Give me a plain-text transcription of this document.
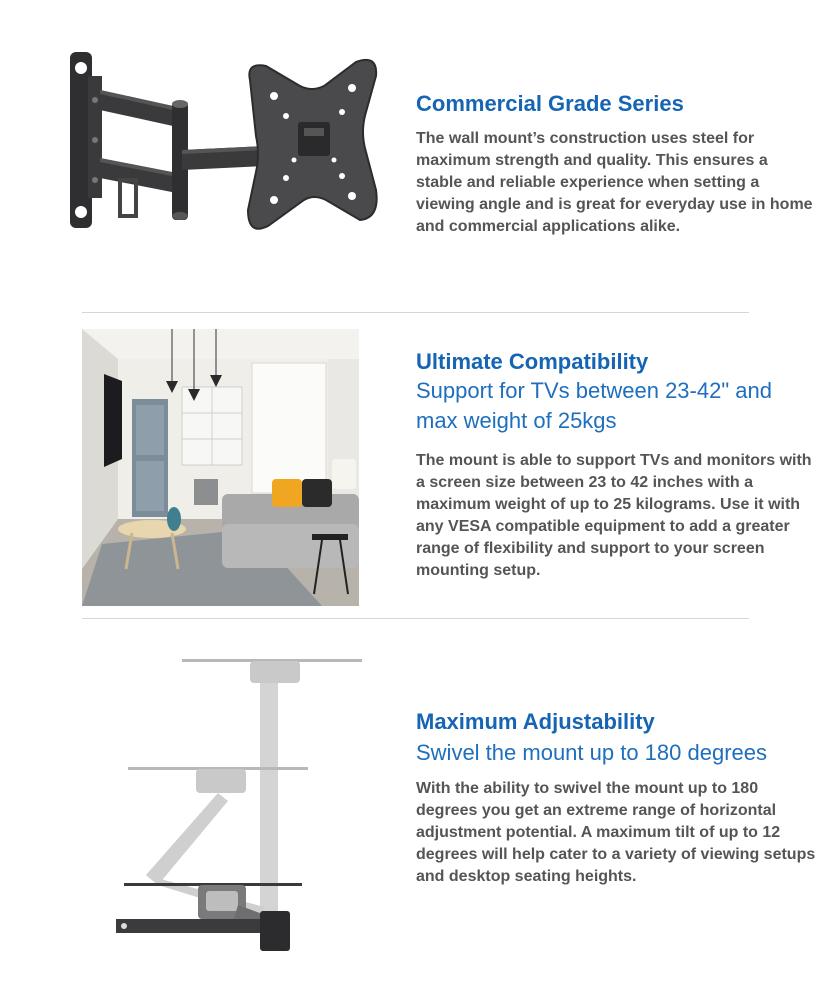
Commercial Grade Series

The wall mount’s construction uses steel for maximum strength and quality. This ensures a stable and reliable experience when setting a viewing angle and is great for everyday use in home and commercial applications alike.

Ultimate Compatibility

Support for TVs between 23-42" and max weight of 25kgs

The mount is able to support TVs and monitors with a screen size between 23 to 42 inches with a maximum weight of up to 25 kilograms. Use it with any VESA compatible equipment to add a greater range of flexibility and support to your screen mounting setup.

Maximum Adjustability

Swivel the mount up to 180 degrees

With the ability to swivel the mount up to 180 degrees you get an extreme range of horizontal adjustment potential. A maximum tilt of up to 12 degrees will help cater to a variety of viewing setups and desktop seating heights.
